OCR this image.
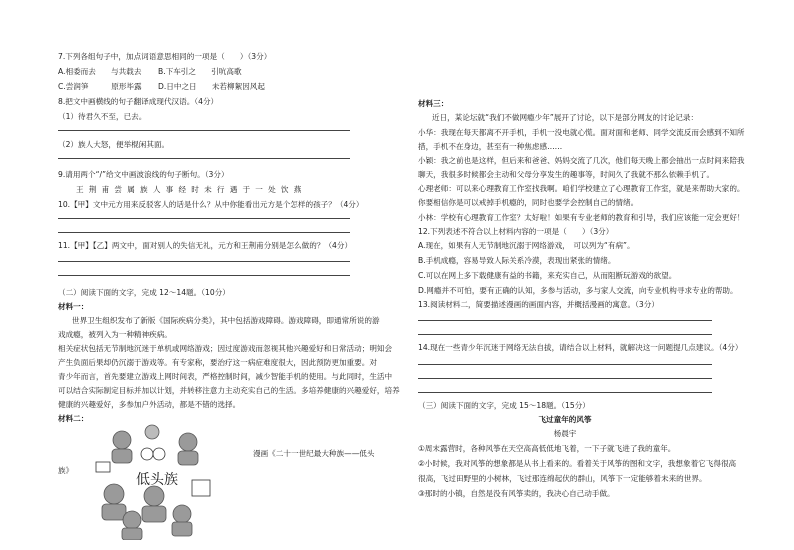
7.下列各组句子中，加点词语意思相同的一项是（　　）（3分）
A.相委而去　　与共载去 B.下车引之　　引吭高歌
C.尝润笋　　　原形毕露 D.日中之日　　未若柳絮因风起
8.把文中画横线的句子翻译成现代汉语。（4分）
（1）待君久不至，已去。
（2）族人大怒，便举棍闲其面。
9.请用两个“/”给文中画波浪线的句子断句。（3分）
王 荆 甫 尝 属 族 人 事 经 时 未 行 遇 于 一 处 饮 燕
10.【甲】文中元方用来反驳客人的话是什么？从中你能看出元方是个怎样的孩子？（4分）
11.【甲】【乙】两文中，面对别人的失信无礼，元方和王荆甫分别是怎么做的？（4分）
（二）阅读下面的文字，完成 12～14题。（10分）
材料一：
世界卫生组织发布了新版《国际疾病分类》，其中包括游戏障碍。游戏障碍，即通常所说的游
戏成瘾，被列入为一种精神疾病。
相关症状包括无节制地沉迷于单机或网络游戏；因过度游戏而忽视其他兴趣爱好和日常活动；明知会
产生负面后果却仍沉溺于游戏等。有专家称，要治疗这一病症难度很大，因此预防更加重要。对
青少年而言，首先要建立游戏上网时间表，严格控制时间，减少智能手机的使用。与此同时，生活中
可以结合实际制定目标并加以计划，并转移注意力主动充实自己的生活。多培养健康的兴趣爱好，培养
健康的兴趣爱好，多参加户外活动，都是不错的选择。
材料二：
低头族
漫画《二十一世纪最大种族——低头
族》
材料三：
近日，某论坛就“我们不做网瘾少年”展开了讨论，以下是部分网友的讨论记录：
小华：我现在每天都离不开手机，手机一没电就心慌。面对面和老师、同学交流反而会感到不知所
措，手机不在身边，甚至有一种焦虑感……
小颖：我之前也是这样，但后来和爸爸、妈妈交流了几次，他们每天晚上都会抽出一点时间来陪我
聊天，我很多时候都会主动和父母分享发生的趣事等，时间久了我就不那么依赖手机了。
心理老师：可以来心理教育工作室找我啊。咱们学校建立了心理教育工作室，就是来帮助大家的。
你要相信你是可以戒掉手机瘾的，同时也要学会控制自己的情绪。
小林：学校有心理教育工作室？太好啦！如果有专业老师的教育和引导，我们应该能一定会更好！
12.下列表述不符合以上材料内容的一项是（　　）（3分）
A.现在，如果有人无节制地沉溺于网络游戏，　可以列为“有病”。
B.手机成瘾，容易导致人际关系冷漠，表现出紧张的情绪。
C.可以在网上多下载健康有益的书籍，来充实自己，从而阻断玩游戏的欲望。
D.网瘾并不可怕，要有正确的认知，多参与活动，多与家人交流，向专业机构寻求专业的帮助。
13.阅读材料二，简要描述漫画的画面内容，并概括漫画的寓意。（3分）
14.现在一些青少年沉迷于网络无法自拔，请结合以上材料，就解决这一问题提几点建议。（4分）
（三）阅读下面的文字，完成 15～18题。（15分）
飞过童年的风筝
杨晨宇
①周末露营时，各种风筝在天空高高低低地飞着，一下子就飞进了我的童年。
②小时候，我对风筝的想象都是从书上看来的。看着关于风筝的图和文字，我想象着它飞得很高
很高，飞过田野里的小树林，飞过那连绵起伏的群山，风筝下一定能够着未来的世界。
③那时的小镇，自然是没有风筝卖的，我决心自己动手做。
